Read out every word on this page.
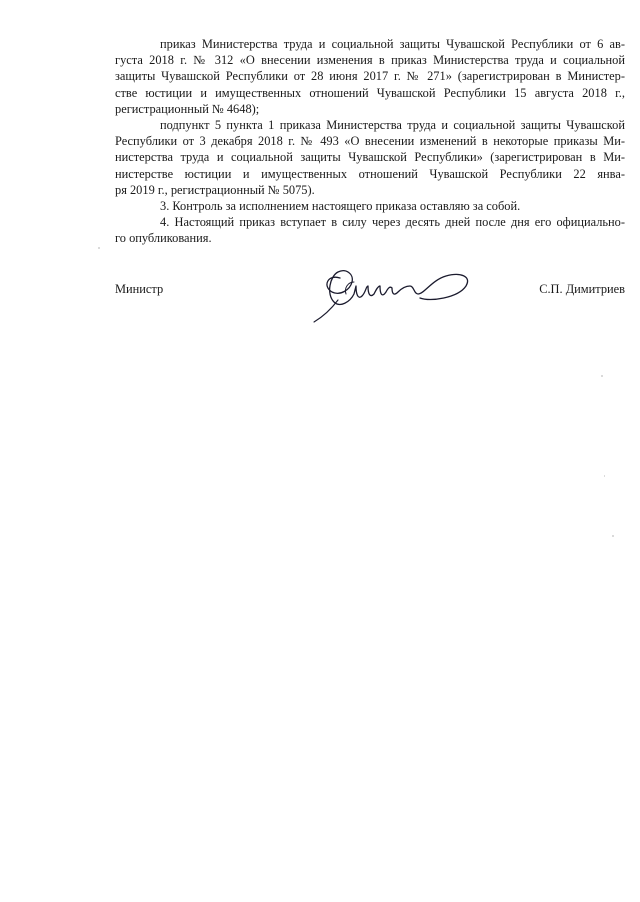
приказ Министерства труда и социальной защиты Чувашской Республики от 6 ав-
густа 2018 г. № 312 «О внесении изменения в приказ Министерства труда и социальной
защиты Чувашской Республики от 28 июня 2017 г. № 271» (зарегистрирован в Министер-
стве юстиции и имущественных отношений Чувашской Республики 15 августа 2018 г.,
регистрационный № 4648);
подпункт 5 пункта 1 приказа Министерства труда и социальной защиты Чувашской
Республики от 3 декабря 2018 г. № 493 «О внесении изменений в некоторые приказы Ми-
нистерства труда и социальной защиты Чувашской Республики» (зарегистрирован в Ми-
нистерстве юстиции и имущественных отношений Чувашской Республики 22 янва-
ря 2019 г., регистрационный № 5075).
3. Контроль за исполнением настоящего приказа оставляю за собой.
4. Настоящий приказ вступает в силу через десять дней после дня его официально-
го опубликования.
Министр	С.П. Димитриев
